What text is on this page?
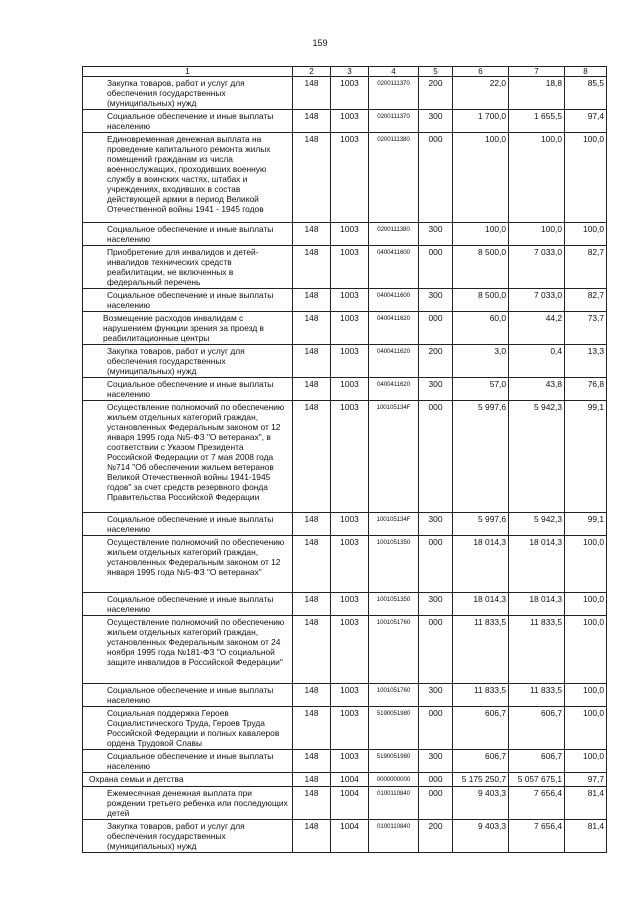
159
1	2	3	4	5	6	7	8

Закупка товаров, работ и услуг для обеспечения государственных (муниципальных) нужд	148	1003	0200111370	200	22,0	18,8	85,5

Социальное обеспечение и иные выплаты населению	148	1003	0200111370	300	1 700,0	1 655,5	97,4

Единовременная денежная выплата на проведение капитального ремонта жилых помещений гражданам из числа военнослужащих, проходивших военную службу в воинских частях, штабах и учреждениях, входивших в состав действующей армии в период Великой Отечественной войны 1941 - 1945 годов	148	1003	0200111380	000	100,0	100,0	100,0

Социальное обеспечение и иные выплаты населению	148	1003	0200111380	300	100,0	100,0	100,0

Приобретение для инвалидов и детей-инвалидов технических средств реабилитации, не включенных в федеральный перечень	148	1003	0400411600	000	8 500,0	7 033,0	82,7

Социальное обеспечение и иные выплаты населению	148	1003	0400411600	300	8 500,0	7 033,0	82,7

Возмещение расходов инвалидам с нарушением функции зрения за проезд в реабилитационные центры	148	1003	0400411620	000	60,0	44,2	73,7

Закупка товаров, работ и услуг для обеспечения государственных (муниципальных) нужд	148	1003	0400411620	200	3,0	0,4	13,3

Социальное обеспечение и иные выплаты населению	148	1003	0400411620	300	57,0	43,8	76,8

Осуществление полномочий по обеспечению жильем отдельных категорий граждан, установленных Федеральным законом от 12 января 1995 года №5-ФЗ "О ветеранах", в соответствии с Указом Президента Российской Федерации от 7 мая 2008 года №714 "Об обеспечении жильем ветеранов Великой Отечественной войны 1941-1945 годов" за счет средств резервного фонда Правительства Российской Федерации	148	1003	100105134F	000	5 997,6	5 942,3	99,1

Социальное обеспечение и иные выплаты населению	148	1003	100105134F	300	5 997,6	5 942,3	99,1

Осуществление полномочий по обеспечению жильем отдельных категорий граждан, установленных Федеральным законом от 12 января 1995 года №5-ФЗ "О ветеранах"	148	1003	1001051350	000	18 014,3	18 014,3	100,0

Социальное обеспечение и иные выплаты населению	148	1003	1001051350	300	18 014,3	18 014,3	100,0

Осуществление полномочий по обеспечению жильем отдельных категорий граждан, установленных Федеральным законом от 24 ноября 1995 года №181-ФЗ "О социальной защите инвалидов в Российской Федерации"	148	1003	1001051760	000	11 833,5	11 833,5	100,0

Социальное обеспечение и иные выплаты населению	148	1003	1001051760	300	11 833,5	11 833,5	100,0

Социальная поддержка Героев Социалистического Труда, Героев Труда Российской Федерации и полных кавалеров ордена Трудовой Славы	148	1003	5190051980	000	606,7	606,7	100,0

Социальное обеспечение и иные выплаты населению	148	1003	5190051980	300	606,7	606,7	100,0

Охрана семьи и детства	148	1004	0000000000	000	5 175 250,7	5 057 675,1	97,7

Ежемесячная денежная выплата при рождении третьего ребенка или последующих детей	148	1004	0100110840	000	9 403,3	7 656,4	81,4

Закупка товаров, работ и услуг для обеспечения государственных (муниципальных) нужд	148	1004	0100110840	200	9 403,3	7 656,4	81,4
